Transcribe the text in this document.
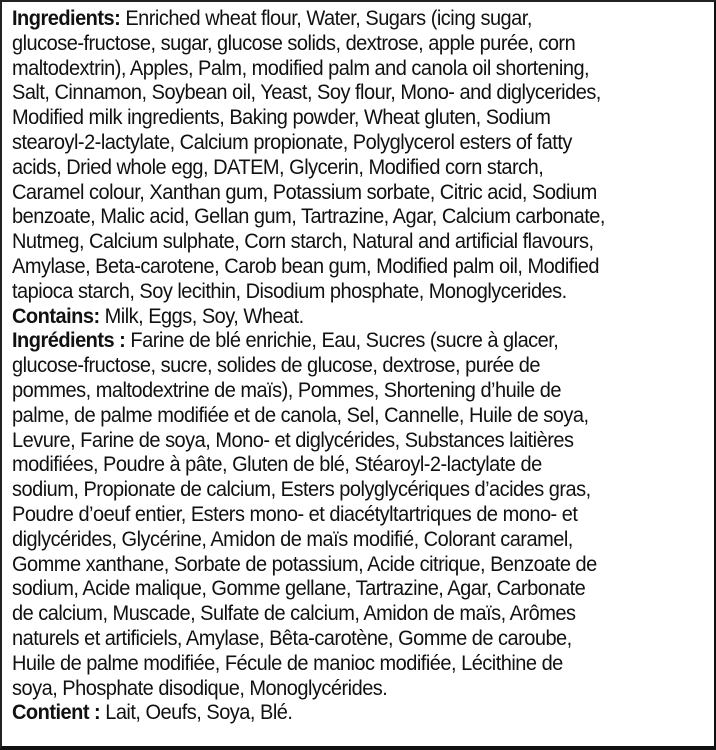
Ingredients: Enriched wheat flour, Water, Sugars (icing sugar,
glucose-fructose, sugar, glucose solids, dextrose, apple purée, corn
maltodextrin), Apples, Palm, modified palm and canola oil shortening,
Salt, Cinnamon, Soybean oil, Yeast, Soy flour, Mono- and diglycerides,
Modified milk ingredients, Baking powder, Wheat gluten, Sodium
stearoyl-2-lactylate, Calcium propionate, Polyglycerol esters of fatty
acids, Dried whole egg, DATEM, Glycerin, Modified corn starch,
Caramel colour, Xanthan gum, Potassium sorbate, Citric acid, Sodium
benzoate, Malic acid, Gellan gum, Tartrazine, Agar, Calcium carbonate,
Nutmeg, Calcium sulphate, Corn starch, Natural and artificial flavours,
Amylase, Beta-carotene, Carob bean gum, Modified palm oil, Modified
tapioca starch, Soy lecithin, Disodium phosphate, Monoglycerides.
Contains: Milk, Eggs, Soy, Wheat.
Ingrédients : Farine de blé enrichie, Eau, Sucres (sucre à glacer,
glucose-fructose, sucre, solides de glucose, dextrose, purée de
pommes, maltodextrine de maïs), Pommes, Shortening d’huile de
palme, de palme modifiée et de canola, Sel, Cannelle, Huile de soya,
Levure, Farine de soya, Mono- et diglycérides, Substances laitières
modifiées, Poudre à pâte, Gluten de blé, Stéaroyl-2-lactylate de
sodium, Propionate de calcium, Esters polyglycériques d’acides gras,
Poudre d’oeuf entier, Esters mono- et diacétyltartriques de mono- et
diglycérides, Glycérine, Amidon de maïs modifié, Colorant caramel,
Gomme xanthane, Sorbate de potassium, Acide citrique, Benzoate de
sodium, Acide malique, Gomme gellane, Tartrazine, Agar, Carbonate
de calcium, Muscade, Sulfate de calcium, Amidon de maïs, Arômes
naturels et artificiels, Amylase, Bêta-carotène, Gomme de caroube,
Huile de palme modifiée, Fécule de manioc modifiée, Lécithine de
soya, Phosphate disodique, Monoglycérides.
Contient : Lait, Oeufs, Soya, Blé.
